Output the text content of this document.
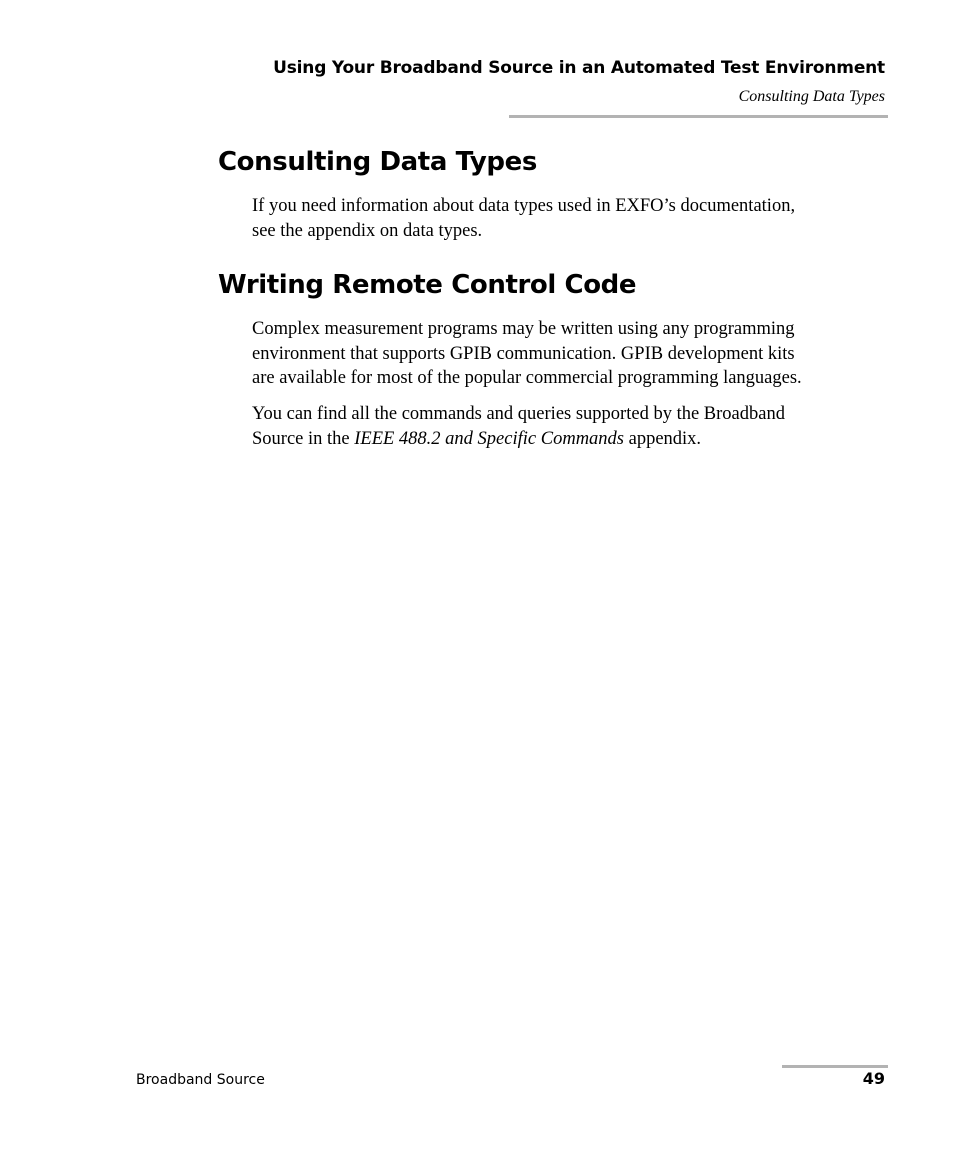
Using Your Broadband Source in an Automated Test Environment
Consulting Data Types
Consulting Data Types

If you need information about data types used in EXFO’s documentation,
see the appendix on data types.

Writing Remote Control Code

Complex measurement programs may be written using any programming
environment that supports GPIB communication. GPIB development kits
are available for most of the popular commercial programming languages.

You can find all the commands and queries supported by the Broadband
Source in the IEEE 488.2 and Specific Commands appendix.

Broadband Source	49
